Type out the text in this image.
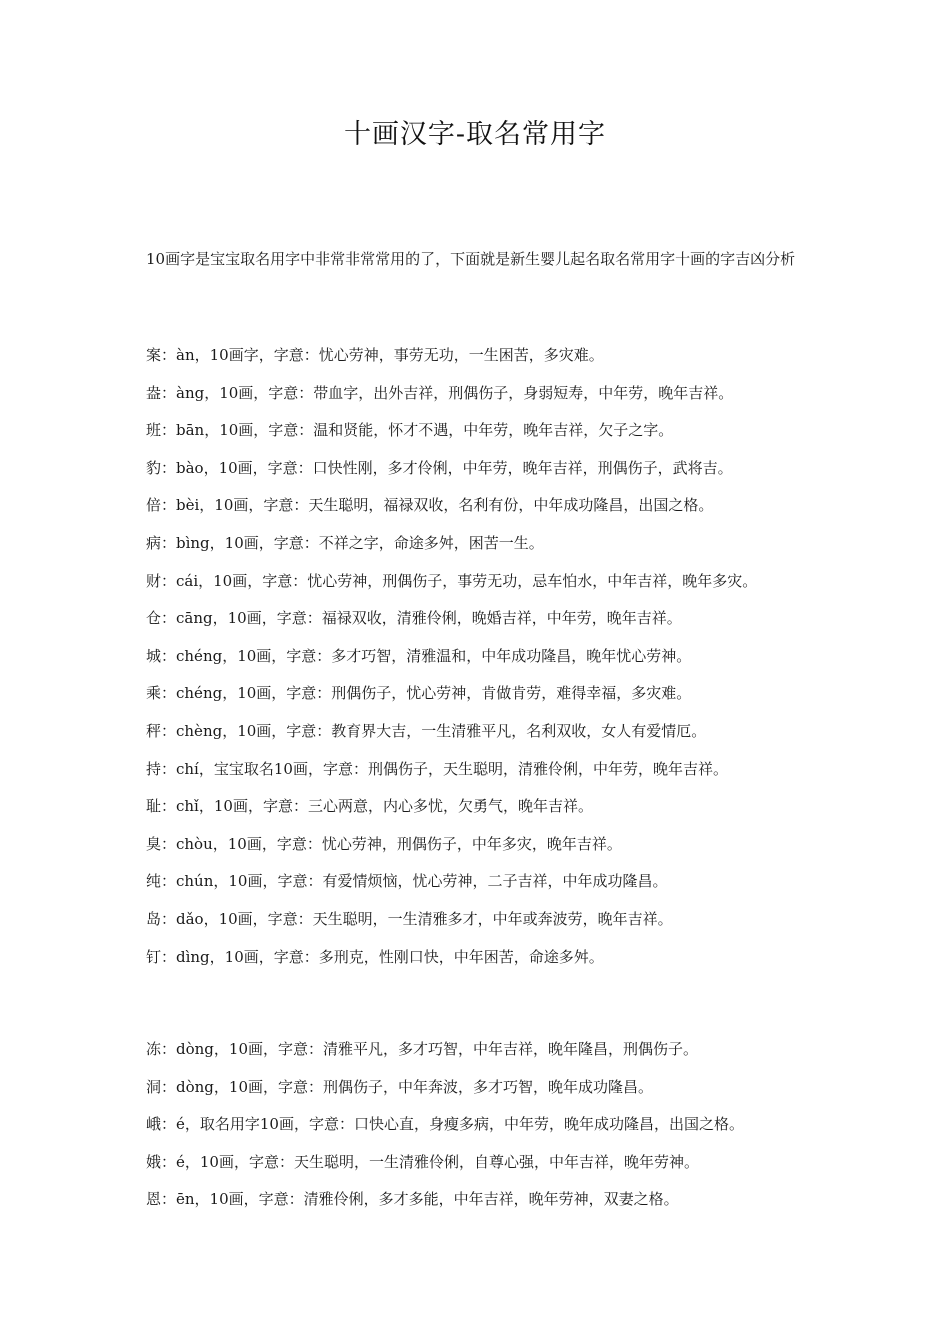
十画汉字-取名常用字

10画字是宝宝取名用字中非常非常常用的了，下面就是新生婴儿起名取名常用字十画的字吉凶分析

案：àn，10画字，字意：忧心劳神，事劳无功，一生困苦，多灾难。
盎：àng，10画，字意：带血字，出外吉祥，刑偶伤子，身弱短寿，中年劳，晚年吉祥。
班：bān，10画，字意：温和贤能，怀才不遇，中年劳，晚年吉祥，欠子之字。
豹：bào，10画，字意：口快性刚，多才伶俐，中年劳，晚年吉祥，刑偶伤子，武将吉。
倍：bèi，10画，字意：天生聪明，福禄双收，名利有份，中年成功隆昌，出国之格。
病：bìng，10画，字意：不祥之字，命途多舛，困苦一生。
财：cái，10画，字意：忧心劳神，刑偶伤子，事劳无功，忌车怕水，中年吉祥，晚年多灾。
仓：cāng，10画，字意：福禄双收，清雅伶俐，晚婚吉祥，中年劳，晚年吉祥。
城：chéng，10画，字意：多才巧智，清雅温和，中年成功隆昌，晚年忧心劳神。
乘：chéng，10画，字意：刑偶伤子，忧心劳神，肯做肯劳，难得幸福，多灾难。
秤：chèng，10画，字意：教育界大吉，一生清雅平凡，名利双收，女人有爱情厄。
持：chí，宝宝取名10画，字意：刑偶伤子，天生聪明，清雅伶俐，中年劳，晚年吉祥。
耻：chǐ，10画，字意：三心两意，内心多忧，欠勇气，晚年吉祥。
臭：chòu，10画，字意：忧心劳神，刑偶伤子，中年多灾，晚年吉祥。
纯：chún，10画，字意：有爱情烦恼，忧心劳神，二子吉祥，中年成功隆昌。
岛：dǎo，10画，字意：天生聪明，一生清雅多才，中年或奔波劳，晚年吉祥。
钉：dìng，10画，字意：多刑克，性刚口快，中年困苦，命途多舛。
冻：dòng，10画，字意：清雅平凡，多才巧智，中年吉祥，晚年隆昌，刑偶伤子。
洞：dòng，10画，字意：刑偶伤子，中年奔波，多才巧智，晚年成功隆昌。
峨：é，取名用字10画，字意：口快心直，身瘦多病，中年劳，晚年成功隆昌，出国之格。
娥：é，10画，字意：天生聪明，一生清雅伶俐，自尊心强，中年吉祥，晚年劳神。
恩：ēn，10画，字意：清雅伶俐，多才多能，中年吉祥，晚年劳神，双妻之格。
